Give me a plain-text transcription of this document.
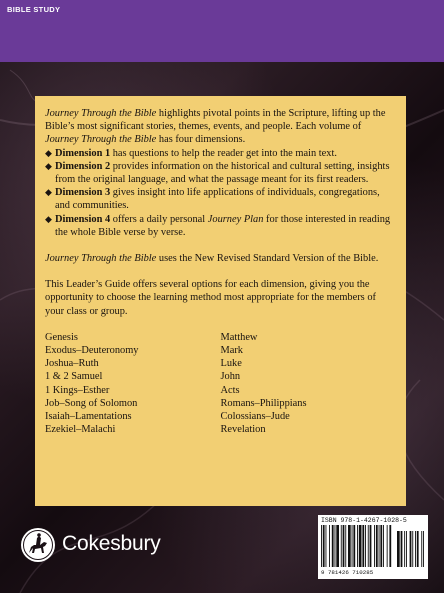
BIBLE STUDY

Journey Through the Bible highlights pivotal points in the Scripture, lifting up the Bible’s most significant stories, themes, events, and people. Each volume of Journey Through the Bible has four dimensions.

◆ Dimension 1 has questions to help the reader get into the main text.
◆ Dimension 2 provides information on the historical and cultural setting, insights from the original language, and what the passage meant for its first readers.
◆ Dimension 3 gives insight into life applications of individuals, congregations, and communities.
◆ Dimension 4 offers a daily personal Journey Plan for those interested in reading the whole Bible verse by verse.

Journey Through the Bible uses the New Revised Standard Version of the Bible.

This Leader’s Guide offers several options for each dimension, giving you the opportunity to choose the learning method most appropriate for the members of your class or group.

Genesis
Exodus–Deuteronomy
Joshua–Ruth
1 & 2 Samuel
1 Kings–Esther
Job–Song of Solomon
Isaiah–Lamentations
Ezekiel–Malachi
Matthew
Mark
Luke
John
Acts
Romans–Philippians
Colossians–Jude
Revelation
Cokesbury
ISBN 978-1-4267-1028-5
9 781426 710285
